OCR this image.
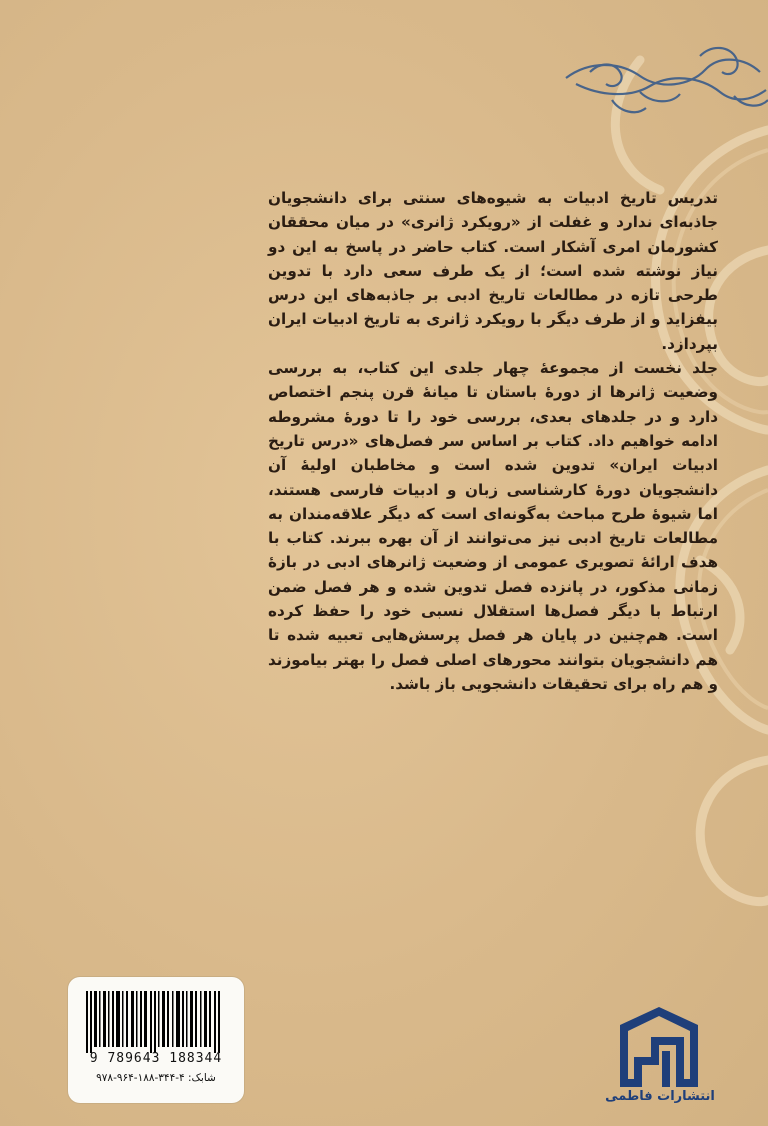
تدریس تاریخ ادبیات به شیوه‌های سنتی برای دانشجویان جاذبه‌ای ندارد و غفلت از «رویکرد ژانری» در میان محققان کشورمان امری آشکار است. کتاب حاضر در پاسخ به این دو نیاز نوشته شده است؛ از یک طرف سعی دارد با تدوین طرحی تازه در مطالعات تاریخ ادبی بر جاذبه‌های این درس بیفزاید و از طرف دیگر با رویکرد ژانری به تاریخ ادبیات ایران بپردازد.

جلد نخست از مجموعهٔ چهار جلدی این کتاب، به بررسی وضعیت ژانرها از دورهٔ باستان تا میانهٔ قرن پنجم اختصاص دارد و در جلدهای بعدی، بررسی خود را تا دورهٔ مشروطه ادامه خواهیم داد. کتاب بر اساس سر فصل‌های «درس تاریخ ادبیات ایران» تدوین شده است و مخاطبان اولیهٔ آن دانشجویان دورهٔ کارشناسی زبان و ادبیات فارسی هستند، اما شیوهٔ طرح مباحث به‌گونه‌ای است که دیگر علاقه‌مندان به مطالعات تاریخ ادبی نیز می‌توانند از آن بهره ببرند. کتاب با هدف ارائهٔ تصویری عمومی از وضعیت ژانرهای ادبی در بازهٔ زمانی مذکور، در پانزده فصل تدوین شده و هر فصل ضمن ارتباط با دیگر فصل‌ها استقلال نسبی خود را حفظ کرده است. هم‌چنین در پایان هر فصل پرسش‌هایی تعبیه شده تا هم دانشجویان بتوانند محورهای اصلی فصل را بهتر بیاموزند و هم راه برای تحقیقات دانشجویی باز باشد.

9 789643 188344
شابک: ۴-۳۴۴-۱۸۸-۹۶۴-۹۷۸
انتشارات فاطمی
